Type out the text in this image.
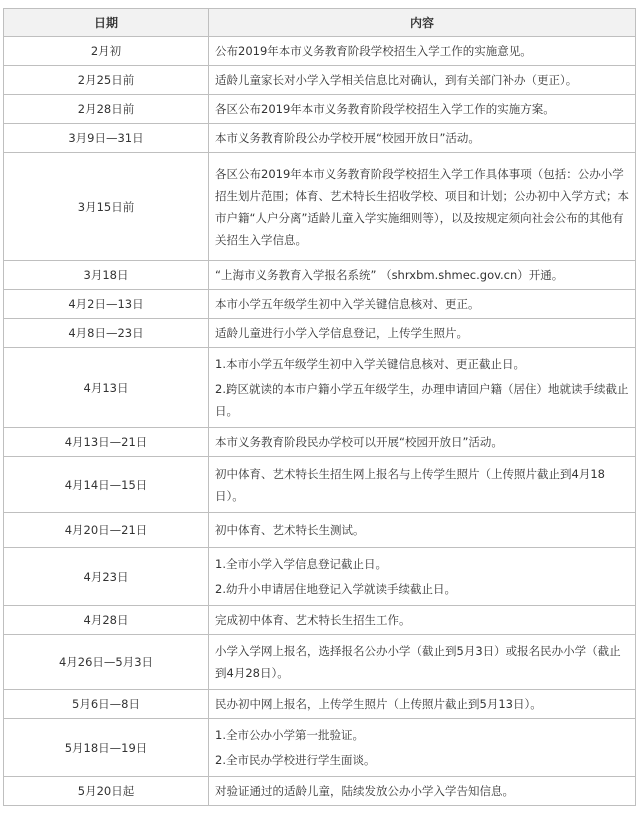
日期	内容
2月初	公布2019年本市义务教育阶段学校招生入学工作的实施意见。
2月25日前	适龄儿童家长对小学入学相关信息比对确认，到有关部门补办（更正）。
2月28日前	各区公布2019年本市义务教育阶段学校招生入学工作的实施方案。
3月9日—31日	本市义务教育阶段公办学校开展“校园开放日”活动。
3月15日前	各区公布2019年本市义务教育阶段学校招生入学工作具体事项（包括：公办小学招生划片范围；体育、艺术特长生招收学校、项目和计划；公办初中入学方式；本市户籍“人户分离”适龄儿童入学实施细则等），以及按规定须向社会公布的其他有关招生入学信息。
3月18日	“上海市义务教育入学报名系统” （shrxbm.shmec.gov.cn）开通。
4月2日—13日	本市小学五年级学生初中入学关键信息核对、更正。
4月8日—23日	适龄儿童进行小学入学信息登记，上传学生照片。
4月13日	1.本市小学五年级学生初中入学关键信息核对、更正截止日。
2.跨区就读的本市户籍小学五年级学生，办理申请回户籍（居住）地就读手续截止日。

4月13日—21日	本市义务教育阶段民办学校可以开展“校园开放日”活动。
4月14日—15日	初中体育、艺术特长生招生网上报名与上传学生照片（上传照片截止到4月18日）。
4月20日—21日	初中体育、艺术特长生测试。
4月23日	1.全市小学入学信息登记截止日。
2.幼升小申请居住地登记入学就读手续截止日。

4月28日	完成初中体育、艺术特长生招生工作。
4月26日—5月3日	小学入学网上报名，选择报名公办小学（截止到5月3日）或报名民办小学（截止到4月28日）。
5月6日—8日	民办初中网上报名，上传学生照片（上传照片截止到5月13日）。
5月18日—19日	1.全市公办小学第一批验证。
2.全市民办学校进行学生面谈。

5月20日起	对验证通过的适龄儿童，陆续发放公办小学入学告知信息。
